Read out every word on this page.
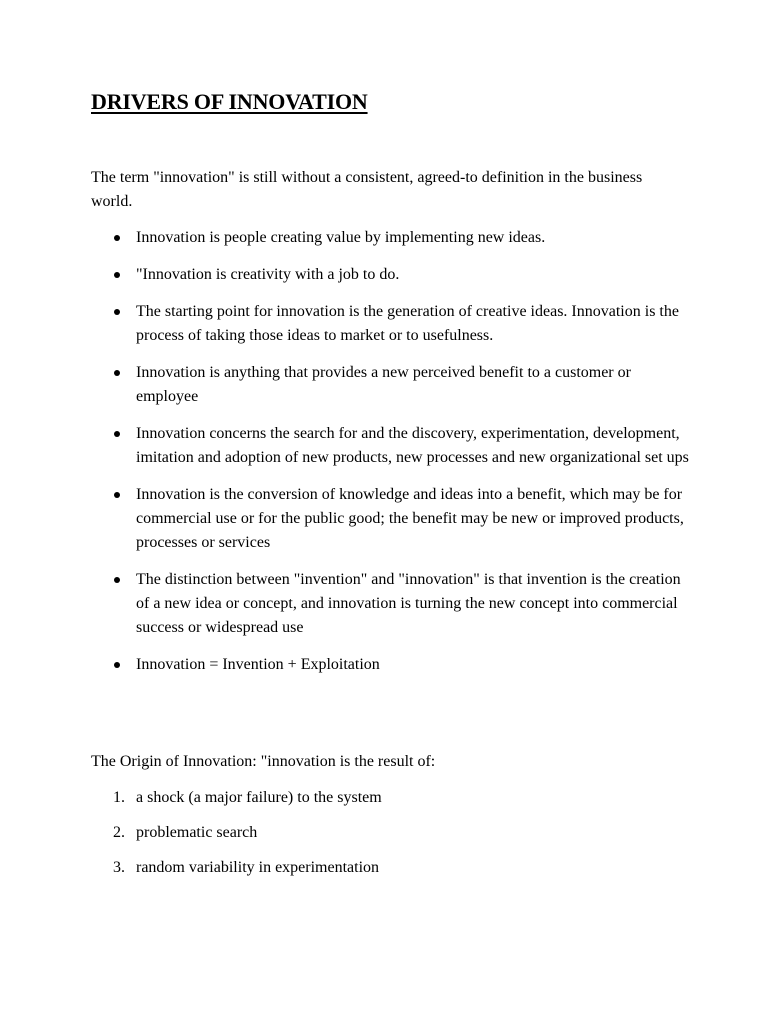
DRIVERS OF INNOVATION

The term "innovation" is still without a consistent, agreed-to definition in the business world.

Innovation is people creating value by implementing new ideas.
"Innovation is creativity with a job to do.
The starting point for innovation is the generation of creative ideas. Innovation is the process of taking those ideas to market or to usefulness.
Innovation is anything that provides a new perceived benefit to a customer or employee
Innovation concerns the search for and the discovery, experimentation, development, imitation and adoption of new products, new processes and new organizational set ups
Innovation is the conversion of knowledge and ideas into a benefit, which may be for commercial use or for the public good; the benefit may be new or improved products, processes or services
The distinction between "invention" and "innovation" is that invention is the creation of a new idea or concept, and innovation is turning the new concept into commercial success or widespread use
Innovation = Invention + Exploitation

The Origin of Innovation: "innovation is the result of:

1. a shock (a major failure) to the system
2. problematic search
3. random variability in experimentation
